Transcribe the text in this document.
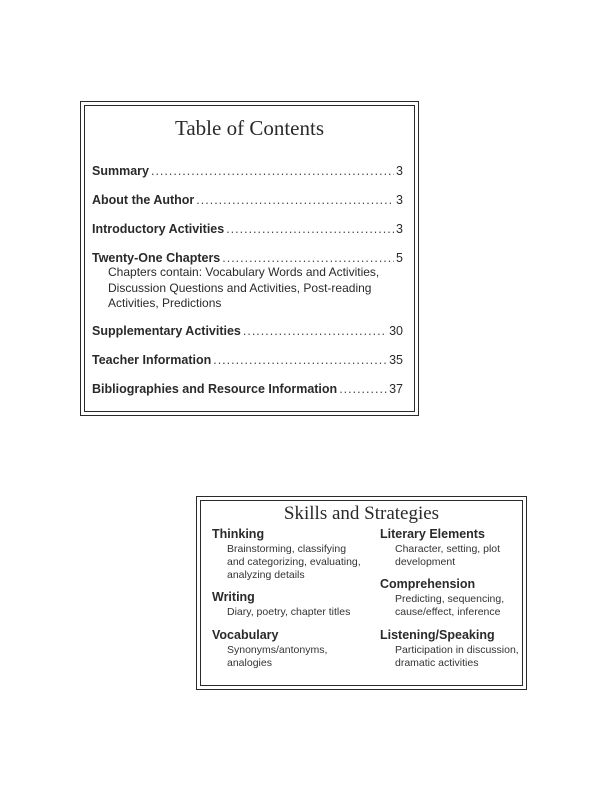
Table of Contents
Summary .....	3
About the Author .....	3
Introductory Activities .....	3
Twenty-One Chapters .....	5
Chapters contain: Vocabulary Words and Activities, Discussion Questions and Activities, Post-reading Activities, Predictions
Supplementary Activities .....	30
Teacher Information .....	35
Bibliographies and Resource Information .....	37
Skills and Strategies
Thinking
Brainstorming, classifying and categorizing, evaluating, analyzing details
Writing
Diary, poetry, chapter titles
Vocabulary
Synonyms/antonyms, analogies
Literary Elements
Character, setting, plot development
Comprehension
Predicting, sequencing, cause/effect, inference
Listening/Speaking
Participation in discussion, dramatic activities
